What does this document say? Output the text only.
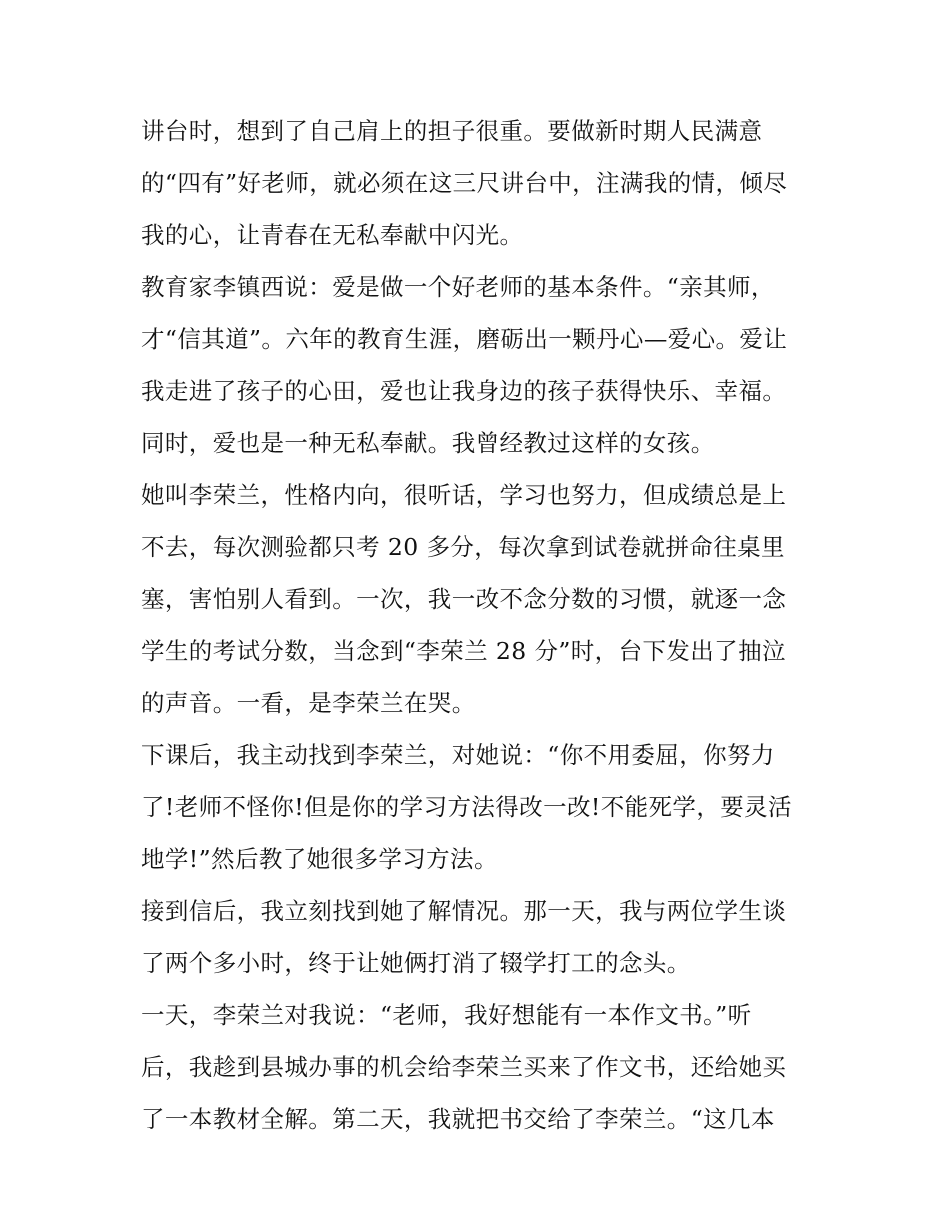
讲台时，想到了自己肩上的担子很重。要做新时期人民满意
的“四有”好老师，就必须在这三尺讲台中，注满我的情，倾尽
我的心，让青春在无私奉献中闪光。
教育家李镇西说：爱是做一个好老师的基本条件。“亲其师，
才“信其道”。六年的教育生涯，磨砺出一颗丹心—爱心。爱让
我走进了孩子的心田，爱也让我身边的孩子获得快乐、幸福。
同时，爱也是一种无私奉献。我曾经教过这样的女孩。
她叫李荣兰，性格内向，很听话，学习也努力，但成绩总是上
不去，每次测验都只考 20 多分，每次拿到试卷就拼命往桌里
塞，害怕别人看到。一次，我一改不念分数的习惯，就逐一念
学生的考试分数，当念到“李荣兰 28 分”时，台下发出了抽泣
的声音。一看，是李荣兰在哭。
下课后，我主动找到李荣兰，对她说：“你不用委屈，你努力
了!老师不怪你!但是你的学习方法得改一改!不能死学，要灵活
地学!”然后教了她很多学习方法。
接到信后，我立刻找到她了解情况。那一天，我与两位学生谈
了两个多小时，终于让她俩打消了辍学打工的念头。
一天，李荣兰对我说：“老师，我好想能有一本作文书。”听
后，我趁到县城办事的机会给李荣兰买来了作文书，还给她买
了一本教材全解。第二天，我就把书交给了李荣兰。“这几本
